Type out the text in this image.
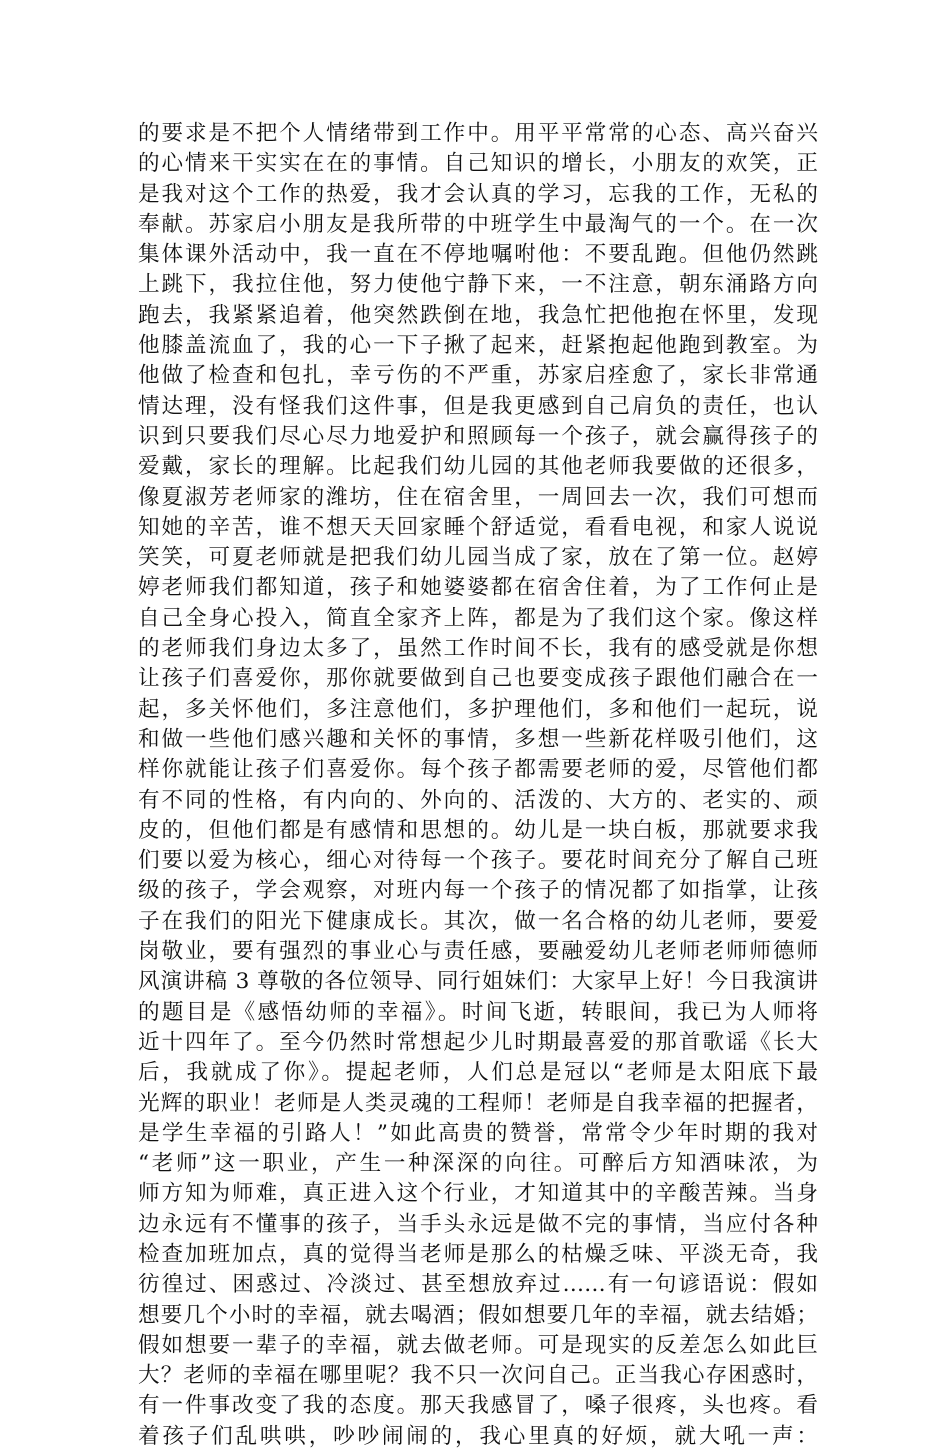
的要求是不把个人情绪带到工作中。用平平常常的心态、高兴奋兴
的心情来干实实在在的事情。自己知识的增长，小朋友的欢笑，正
是我对这个工作的热爱，我才会认真的学习，忘我的工作，无私的
奉献。苏家启小朋友是我所带的中班学生中最淘气的一个。在一次
集体课外活动中，我一直在不停地嘱咐他：不要乱跑。但他仍然跳
上跳下，我拉住他，努力使他宁静下来，一不注意，朝东涌路方向
跑去，我紧紧追着，他突然跌倒在地，我急忙把他抱在怀里，发现
他膝盖流血了，我的心一下子揪了起来，赶紧抱起他跑到教室。为
他做了检查和包扎，幸亏伤的不严重，苏家启痊愈了，家长非常通
情达理，没有怪我们这件事，但是我更感到自己肩负的责任，也认
识到只要我们尽心尽力地爱护和照顾每一个孩子，就会赢得孩子的
爱戴，家长的理解。比起我们幼儿园的其他老师我要做的还很多，
像夏淑芳老师家的潍坊，住在宿舍里，一周回去一次，我们可想而
知她的辛苦，谁不想天天回家睡个舒适觉，看看电视，和家人说说
笑笑，可夏老师就是把我们幼儿园当成了家，放在了第一位。赵婷
婷老师我们都知道，孩子和她婆婆都在宿舍住着，为了工作何止是
自己全身心投入，简直全家齐上阵，都是为了我们这个家。像这样
的老师我们身边太多了，虽然工作时间不长，我有的感受就是你想
让孩子们喜爱你，那你就要做到自己也要变成孩子跟他们融合在一
起，多关怀他们，多注意他们，多护理他们，多和他们一起玩，说
和做一些他们感兴趣和关怀的事情，多想一些新花样吸引他们，这
样你就能让孩子们喜爱你。每个孩子都需要老师的爱，尽管他们都
有不同的性格，有内向的、外向的、活泼的、大方的、老实的、顽
皮的，但他们都是有感情和思想的。幼儿是一块白板，那就要求我
们要以爱为核心，细心对待每一个孩子。要花时间充分了解自己班
级的孩子，学会观察，对班内每一个孩子的情况都了如指掌，让孩
子在我们的阳光下健康成长。其次，做一名合格的幼儿老师，要爱
岗敬业，要有强烈的事业心与责任感，要融爱幼儿老师老师师德师
风演讲稿 3 尊敬的各位领导、同行姐妹们：大家早上好！今日我演讲
的题目是《感悟幼师的幸福》。时间飞逝，转眼间，我已为人师将
近十四年了。至今仍然时常想起少儿时期最喜爱的那首歌谣《长大
后，我就成了你》。提起老师，人们总是冠以“老师是太阳底下最
光辉的职业！老师是人类灵魂的工程师！老师是自我幸福的把握者，
是学生幸福的引路人！”如此高贵的赞誉，常常令少年时期的我对
“老师”这一职业，产生一种深深的向往。可醉后方知酒味浓，为
师方知为师难，真正进入这个行业，才知道其中的辛酸苦辣。当身
边永远有不懂事的孩子，当手头永远是做不完的事情，当应付各种
检查加班加点，真的觉得当老师是那么的枯燥乏味、平淡无奇，我
彷徨过、困惑过、冷淡过、甚至想放弃过……有一句谚语说：假如
想要几个小时的幸福，就去喝酒；假如想要几年的幸福，就去结婚；
假如想要一辈子的幸福，就去做老师。可是现实的反差怎么如此巨
大？老师的幸福在哪里呢？我不只一次问自己。正当我心存困惑时，
有一件事改变了我的态度。那天我感冒了，嗓子很疼，头也疼。看
着孩子们乱哄哄，吵吵闹闹的，我心里真的好烦，就大吼一声：
